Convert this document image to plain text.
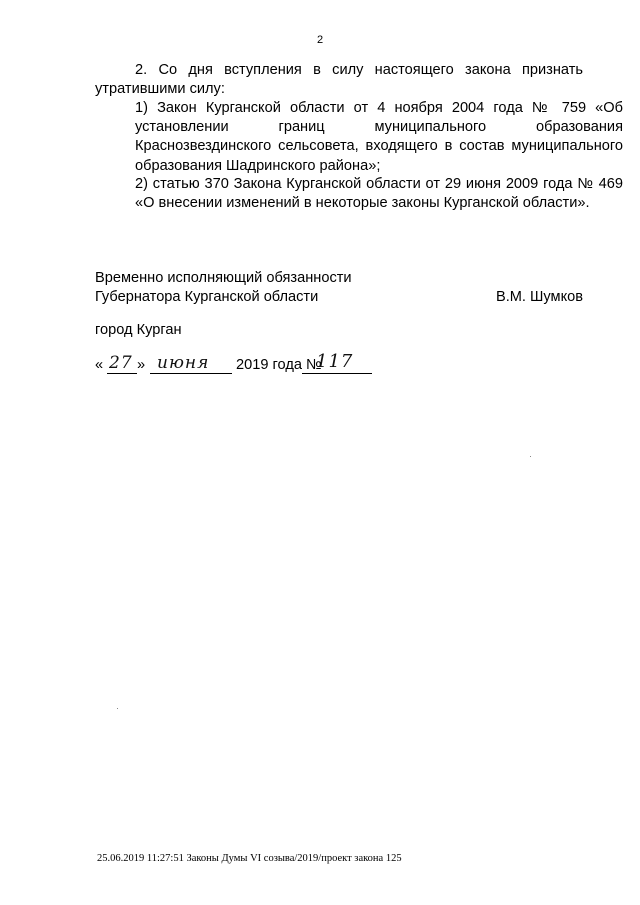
2
2. Со дня вступления в силу настоящего закона признать
утратившими силу:

1) Закон Курганской области от 4 ноября 2004 года № 759 «Об установлении границ муниципального образования Краснозвездинского сельсовета, входящего в состав муниципального образования Шадринского района»;

2) статью 370 Закона Курганской области от 29 июня 2009 года № 469 «О внесении изменений в некоторые законы Курганской области».

Временно исполняющий обязанности
Губернатора Курганской области	В.М. Шумков
город Курган
« 27 » июня 2019 года №
117
25.06.2019 11:27:51 Законы Думы VI созыва/2019/проект закона 125
